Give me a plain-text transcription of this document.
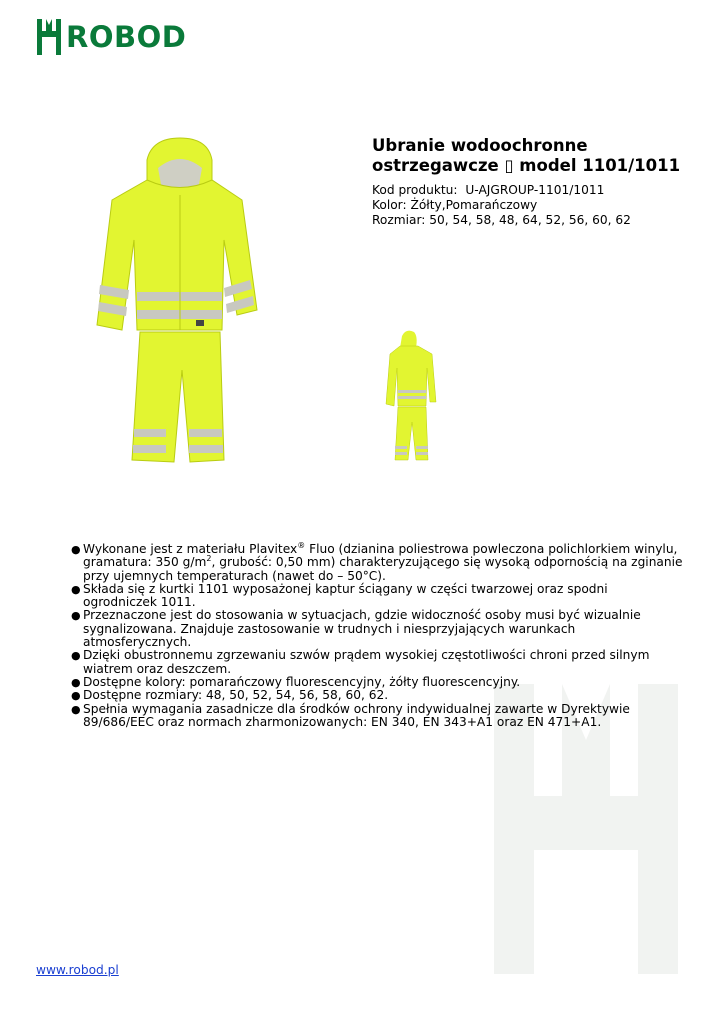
ROBOD
Ubranie wodoochronne
ostrzegawcze ▯ model 1101/1011
Kod produktu: U-AJGROUP-1101/1011
Kolor: Żółty,Pomarańczowy
Rozmiar: 50, 54, 58, 48, 64, 52, 56, 60, 62
● Wykonane jest z materiału Plavitex® Fluo (dzianina poliestrowa powleczona polichlorkiem winylu, gramatura: 350 $g/m^2$, grubość: 0,50 mm) charakteryzującego się wysoką odpornością na zginanie przy ujemnych temperaturach (nawet do – 50°C).
● Składa się z kurtki 1101 wyposażonej kaptur ściągany w części twarzowej oraz spodni ogrodniczek 1011.
● Przeznaczone jest do stosowania w sytuacjach, gdzie widoczność osoby musi być wizualnie sygnalizowana. Znajduje zastosowanie w trudnych i niesprzyjających warunkach atmosferycznych.
● Dzięki obustronnemu zgrzewaniu szwów prądem wysokiej częstotliwości chroni przed silnym wiatrem oraz deszczem.
● Dostępne kolory: pomarańczowy fluorescencyjny, żółty fluorescencyjny.
● Dostępne rozmiary: 48, 50, 52, 54, 56, 58, 60, 62.
● Spełnia wymagania zasadnicze dla środków ochrony indywidualnej zawarte w Dyrektywie 89/686/EEC oraz normach zharmonizowanych: EN 340, EN 343+A1 oraz EN 471+A1.
www.robod.pl
